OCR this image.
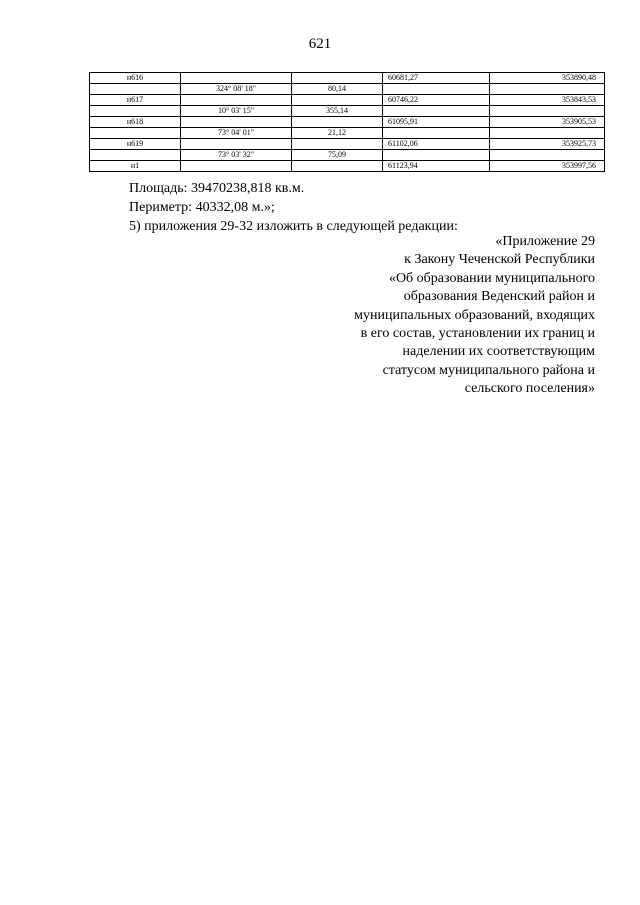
621
н616			60681,27	353890,48
	324° 08' 18"	80,14		
н617			60746,22	353843,53
	10° 03' 15"	355,14		
н618			61095,91	353905,53
	73° 04' 01"	21,12		
н619			61102,06	353925,73
	73° 03' 32"	75,09		
н1			61123,94	353997,56
Площадь: 39470238,818 кв.м.
Периметр: 40332,08 м.»;
5) приложения 29-32 изложить в следующей редакции:
«Приложение 29
к Закону Чеченской Республики
«Об образовании муниципального
образования Веденский район и
муниципальных образований, входящих
в его состав, установлении их границ и
наделении их соответствующим
статусом муниципального района и
сельского поселения»
